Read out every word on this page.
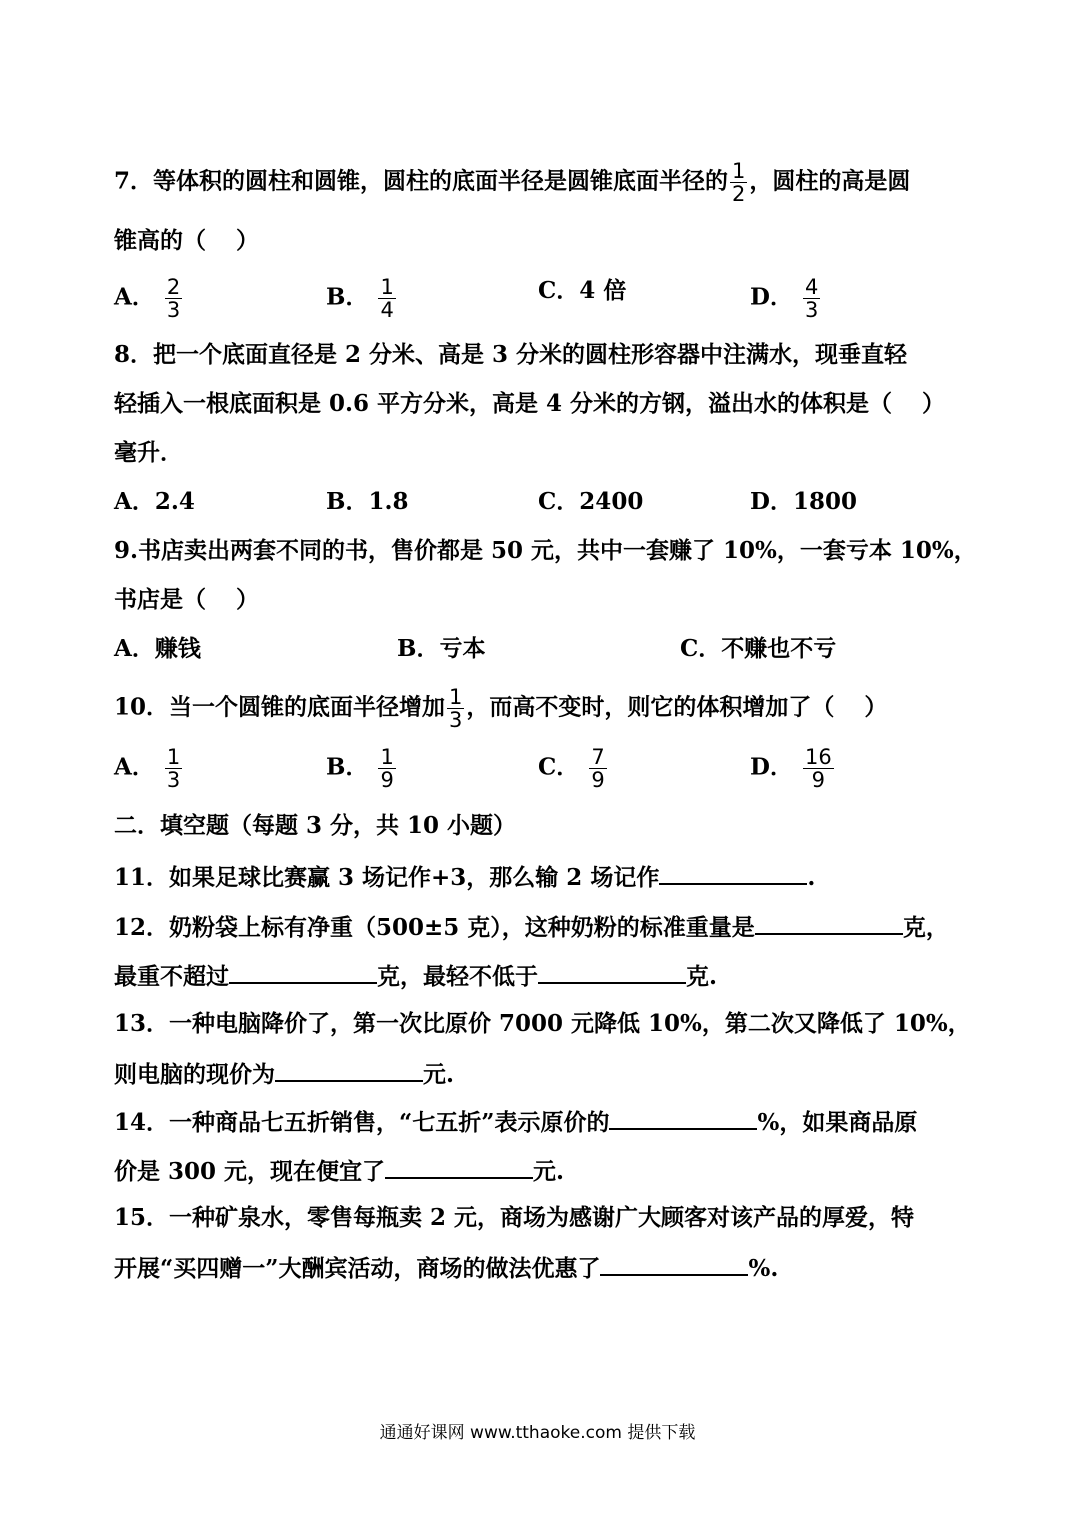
7．等体积的圆柱和圆锥，圆柱的底面半径是圆锥底面半径的 $\frac{1}{2}$ ，圆柱的高是圆
锥高的（ ）
A． $\frac{2}{3}$	B． $\frac{1}{4}$	C．4 倍	D． $\frac{4}{3}$
8．把一个底面直径是 2 分米、高是 3 分米的圆柱形容器中注满水，现垂直轻
轻插入一根底面积是 0.6 平方分米，高是 4 分米的方钢，溢出水的体积是（ ）
毫升．
A．2.4	B．1.8	C．2400	D．1800
9.书店卖出两套不同的书，售价都是 50 元，共中一套赚了 10%，一套亏本 10%，
书店是（ ）
A．赚钱	B．亏本	C．不赚也不亏
10．当一个圆锥的底面半径增加 $\frac{1}{3}$ ，而高不变时，则它的体积增加了（ ）
A． $\frac{1}{3}$	B． $\frac{1}{9}$	C． $\frac{7}{9}$	D． $\frac{16}{9}$
二．填空题（每题 3 分，共 10 小题）
11．如果足球比赛赢 3 场记作+3，那么输 2 场记作	.
12．奶粉袋上标有净重（500±5 克），这种奶粉的标准重量是	克，
最重不超过	克，最轻不低于	克.
13．一种电脑降价了，第一次比原价 7000 元降低 10%，第二次又降低了 10%，
则电脑的现价为	元.
14．一种商品七五折销售，“七五折”表示原价的	%，如果商品原
价是 300 元，现在便宜了	元.
15．一种矿泉水，零售每瓶卖 2 元，商场为感谢广大顾客对该产品的厚爱，特
开展“买四赠一”大酬宾活动，商场的做法优惠了	%.
通通好课网 www.tthaoke.com 提供下载
